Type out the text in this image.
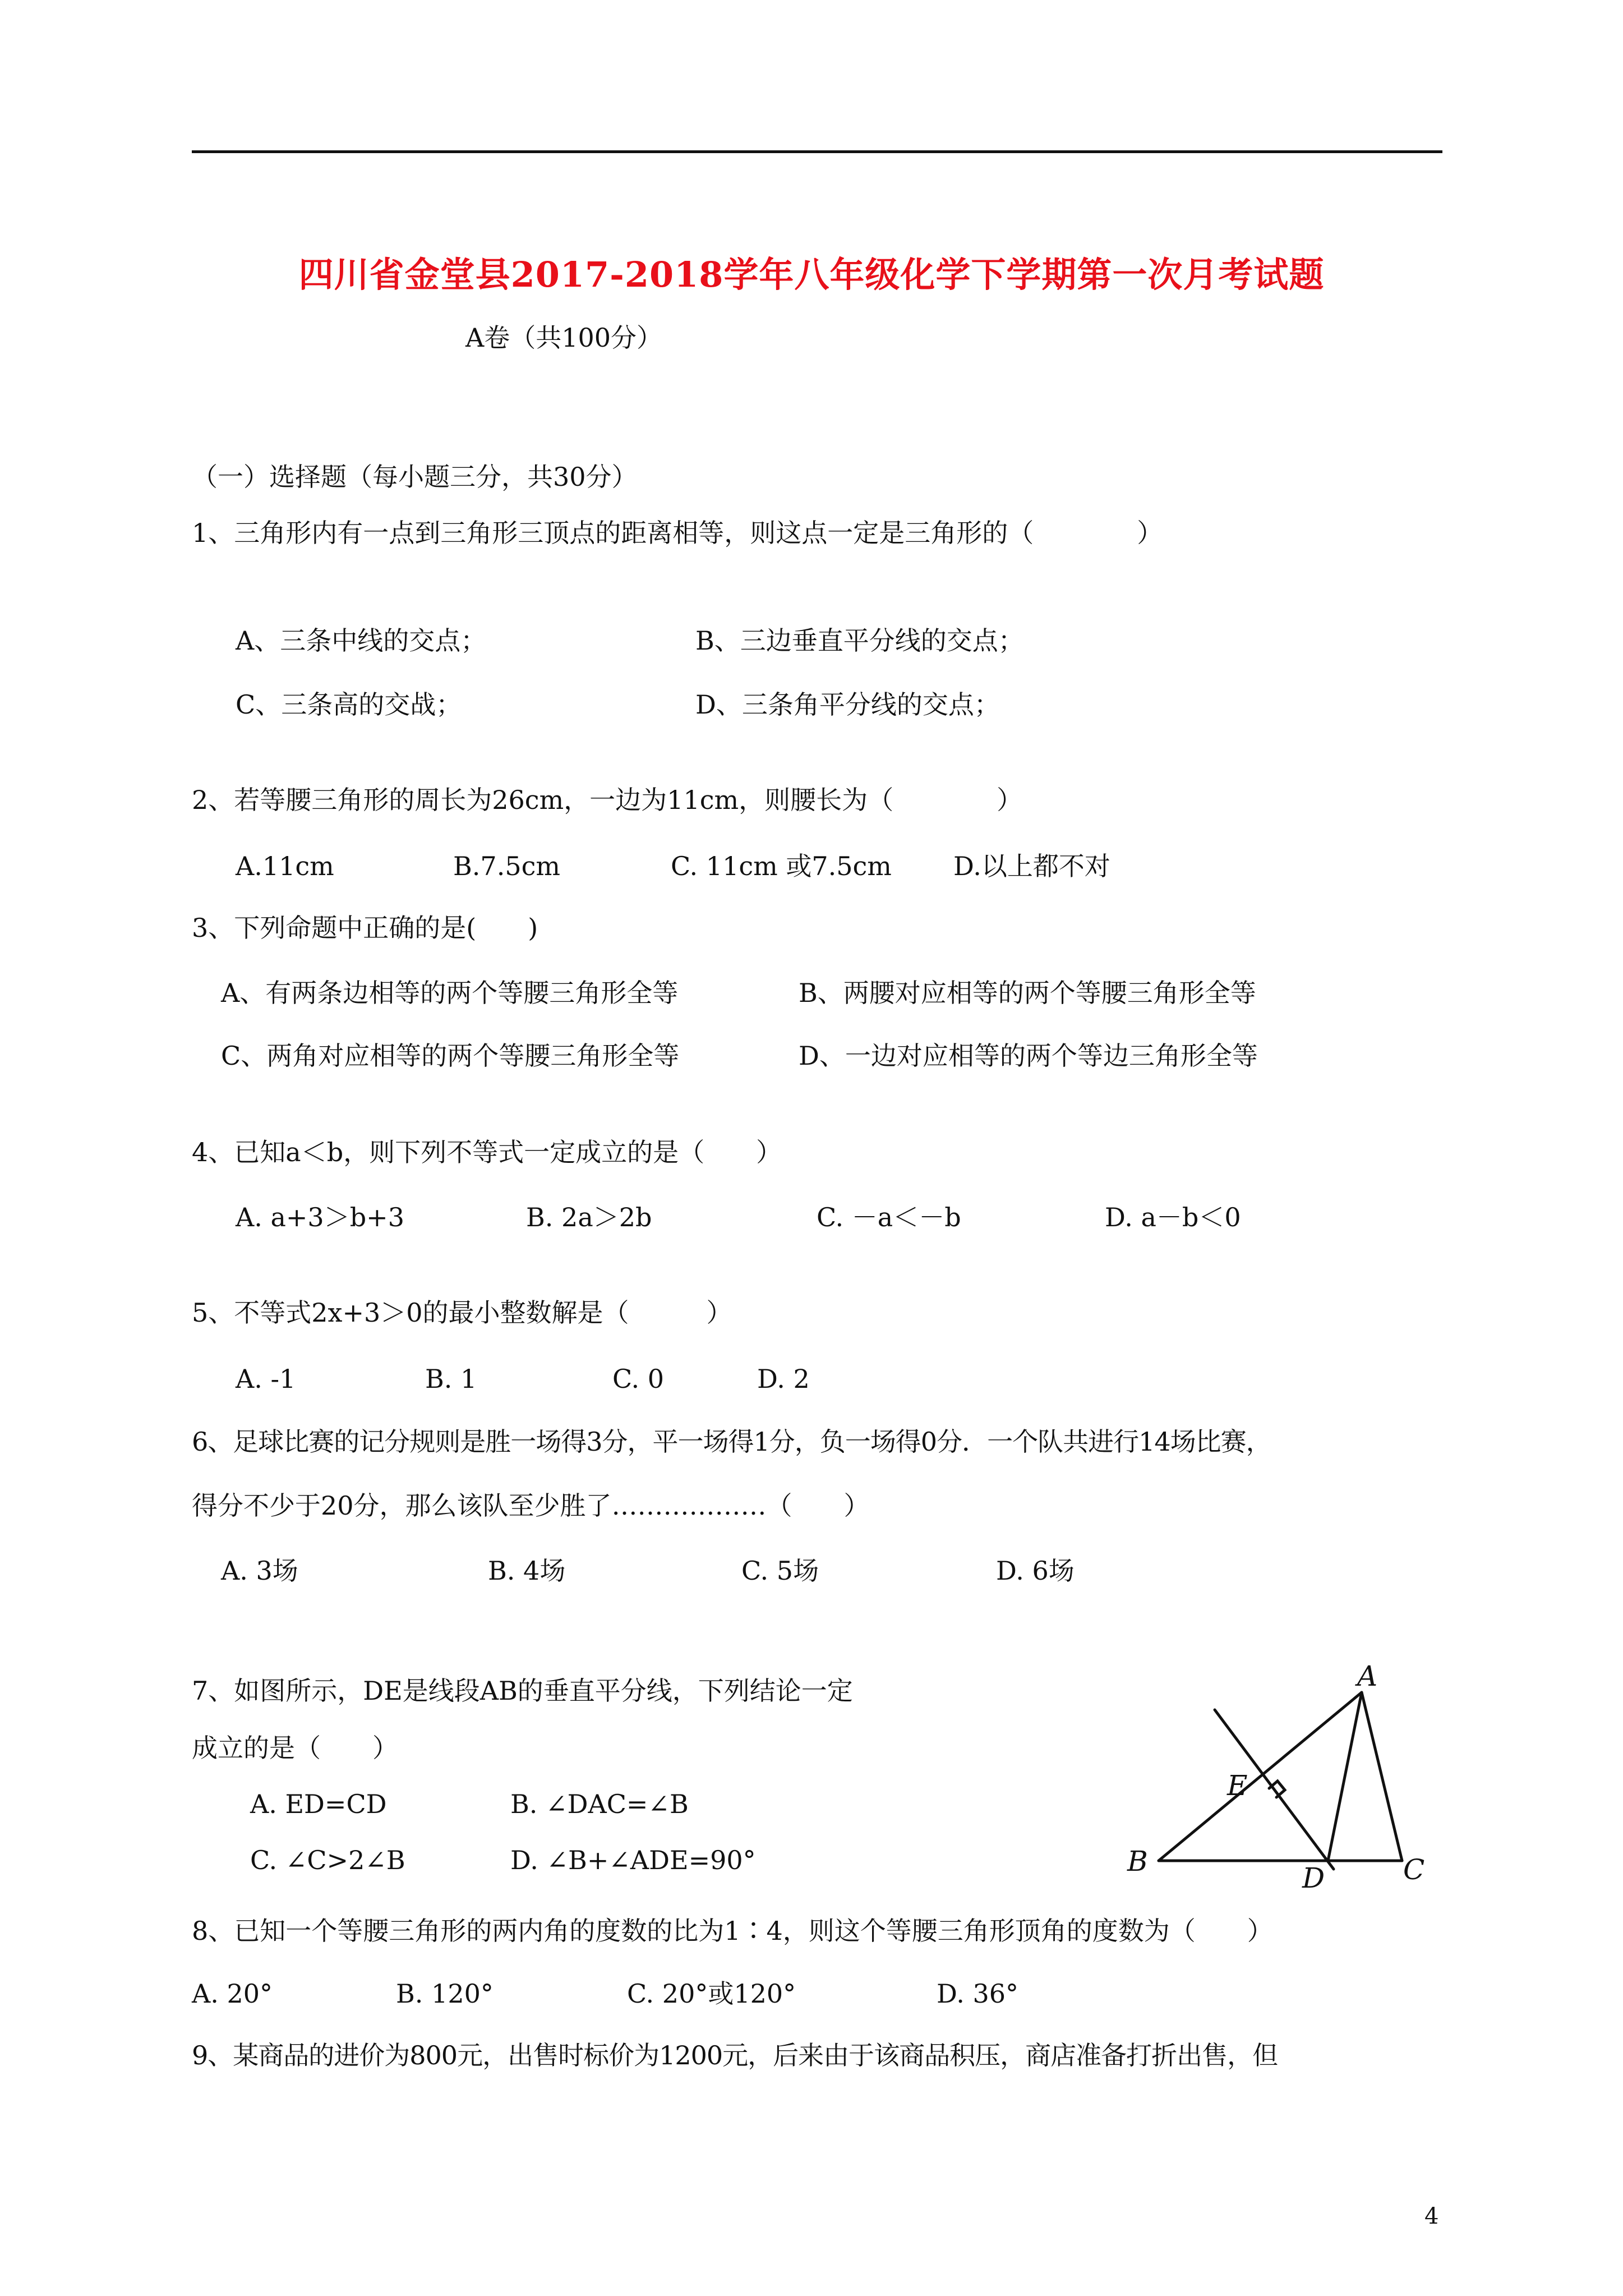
四川省金堂县2017-2018学年八年级化学下学期第一次月考试题
A卷（共100分）
（一）选择题（每小题三分，共30分）
1、三角形内有一点到三角形三顶点的距离相等，则这点一定是三角形的（　　　　）
A、三条中线的交点；	B、三边垂直平分线的交点；
C、三条高的交战；	D、三条角平分线的交点；
2、若等腰三角形的周长为26cm，一边为11cm，则腰长为（　　　　）
A.11cm	B.7.5cm	C. 11cm 或7.5cm D.以上都不对
3、下列命题中正确的是(　　)
A、有两条边相等的两个等腰三角形全等	B、两腰对应相等的两个等腰三角形全等
C、两角对应相等的两个等腰三角形全等	D、一边对应相等的两个等边三角形全等
4、已知a＜b，则下列不等式一定成立的是（　　）
A. a+3＞b+3	B. 2a＞2b	C. －a＜－b	D. a－b＜0
5、不等式2x+3＞0的最小整数解是（　　　）
A. -1	B. 1	C. 0	D. 2
6、足球比赛的记分规则是胜一场得3分，平一场得1分，负一场得0分．一个队共进行14场比赛，
得分不少于20分，那么该队至少胜了………………（　　）
A. 3场	B. 4场	C. 5场	D. 6场
7、如图所示，DE是线段AB的垂直平分线，下列结论一定
成立的是（　　）
A. ED=CD	B. ∠DAC=∠B
C. ∠C>2∠B	D. ∠B+∠ADE=90°
A
B	C
D
E
8、已知一个等腰三角形的两内角的度数的比为1∶4，则这个等腰三角形顶角的度数为（　　）
A. 20°	B. 120°	C. 20°或120°	D. 36°
9、某商品的进价为800元，出售时标价为1200元，后来由于该商品积压，商店准备打折出售，但
4
